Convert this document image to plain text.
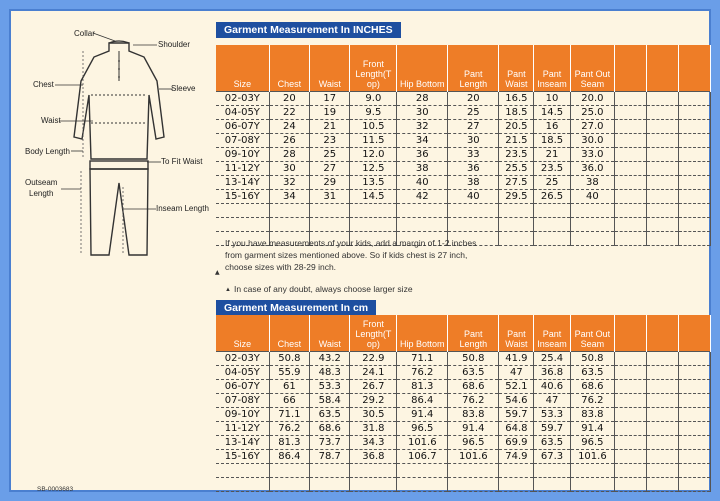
Collar
Shoulder
Chest	Sleeve
Waist
Body Length
To Fit Waist
Outseam
Length
Inseam Length
Garment Measurement In INCHES
Size	Chest	Waist	Front Length(T op)	Hip Bottom	Pant Length	Pant Waist	Pant Inseam	Pant Out Seam			
02-03Y	20	17	9.0	28	20	16.5	10	20.0			
04-05Y	22	19	9.5	30	25	18.5	14.5	25.0			
06-07Y	24	21	10.5	32	27	20.5	16	27.0			
07-08Y	26	23	11.5	34	30	21.5	18.5	30.0			
09-10Y	28	25	12.0	36	33	23.5	21	33.0			
11-12Y	30	27	12.5	38	36	25.5	23.5	36.0			
13-14Y	32	29	13.5	40	38	27.5	25	38			
15-16Y	34	31	14.5	42	40	29.5	26.5	40			

If you have measurements of your kids, add a margin of 1-2 inches from garment sizes mentioned above. So if kids chest is 27 inch, choose sizes with 28-29 inch.
▲ In case of any doubt, always choose larger size
▲
Garment Measurement In cm
Size	Chest	Waist	Front Length(T op)	Hip Bottom	Pant Length	Pant Waist	Pant Inseam	Pant Out Seam			
02-03Y	50.8	43.2	22.9	71.1	50.8	41.9	25.4	50.8			
04-05Y	55.9	48.3	24.1	76.2	63.5	47	36.8	63.5			
06-07Y	61	53.3	26.7	81.3	68.6	52.1	40.6	68.6			
07-08Y	66	58.4	29.2	86.4	76.2	54.6	47	76.2			
09-10Y	71.1	63.5	30.5	91.4	83.8	59.7	53.3	83.8			
11-12Y	76.2	68.6	31.8	96.5	91.4	64.8	59.7	91.4			
13-14Y	81.3	73.7	34.3	101.6	96.5	69.9	63.5	96.5			
15-16Y	86.4	78.7	36.8	106.7	101.6	74.9	67.3	101.6			

SB-0003683
